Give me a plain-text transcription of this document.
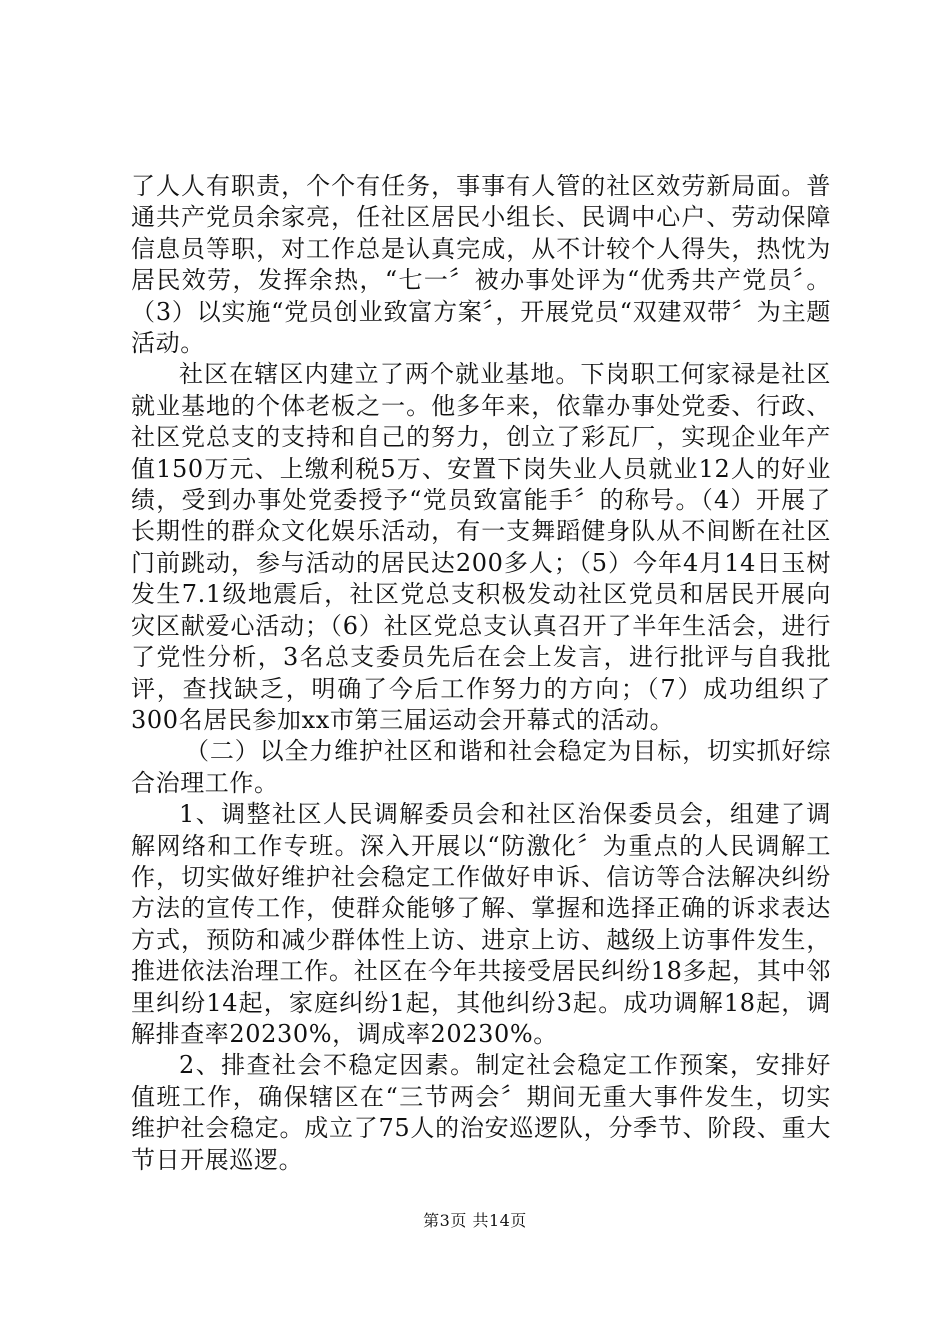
了人人有职责，个个有任务，事事有人管的社区效劳新局面。普通共产党员余家亮，任社区居民小组长、民调中心户、劳动保障信息员等职，对工作总是认真完成，从不计较个人得失，热忱为居民效劳，发挥余热，“七一〞被办事处评为“优秀共产党员〞。（3）以实施“党员创业致富方案〞，开展党员“双建双带〞为主题活动。

社区在辖区内建立了两个就业基地。下岗职工何家禄是社区就业基地的个体老板之一。他多年来，依靠办事处党委、行政、社区党总支的支持和自己的努力，创立了彩瓦厂，实现企业年产值150万元、上缴利税5万、安置下岗失业人员就业12人的好业绩，受到办事处党委授予“党员致富能手〞的称号。（4）开展了长期性的群众文化娱乐活动，有一支舞蹈健身队从不间断在社区门前跳动，参与活动的居民达200多人；（5）今年4月14日玉树发生7.1级地震后，社区党总支积极发动社区党员和居民开展向灾区献爱心活动；（6）社区党总支认真召开了半年生活会，进行了党性分析，3名总支委员先后在会上发言，进行批评与自我批评，查找缺乏，明确了今后工作努力的方向；（7）成功组织了300名居民参加xx市第三届运动会开幕式的活动。

（二）以全力维护社区和谐和社会稳定为目标，切实抓好综合治理工作。

1、调整社区人民调解委员会和社区治保委员会，组建了调解网络和工作专班。深入开展以“防激化〞为重点的人民调解工作，切实做好维护社会稳定工作做好申诉、信访等合法解决纠纷方法的宣传工作，使群众能够了解、掌握和选择正确的诉求表达方式，预防和减少群体性上访、进京上访、越级上访事件发生，推进依法治理工作。社区在今年共接受居民纠纷18多起，其中邻里纠纷14起，家庭纠纷1起，其他纠纷3起。成功调解18起，调解排查率20230%，调成率20230%。

2、排查社会不稳定因素。制定社会稳定工作预案，安排好值班工作，确保辖区在“三节两会〞期间无重大事件发生，切实维护社会稳定。成立了75人的治安巡逻队，分季节、阶段、重大节日开展巡逻。

第3页 共14页
